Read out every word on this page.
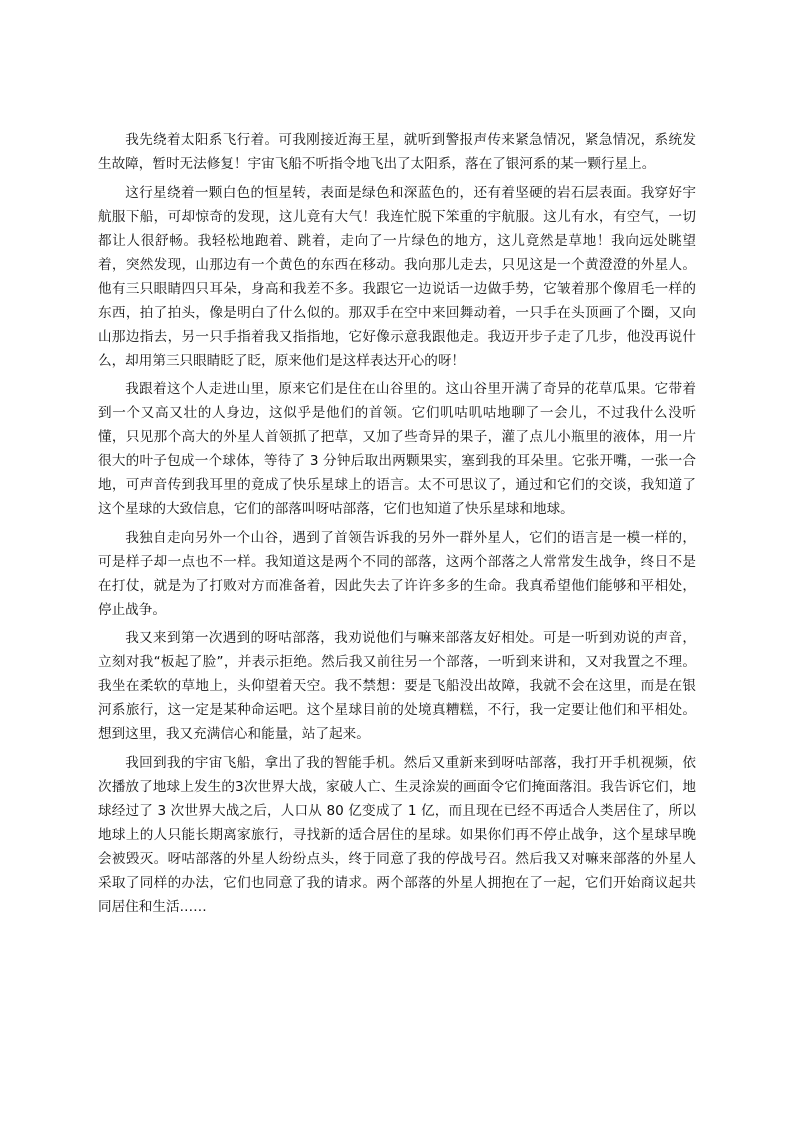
我先绕着太阳系飞行着。可我刚接近海王星，就听到警报声传来紧急情况，紧急情况，系统发生故障，暂时无法修复！宇宙飞船不听指令地飞出了太阳系，落在了银河系的某一颗行星上。

这行星绕着一颗白色的恒星转，表面是绿色和深蓝色的，还有着坚硬的岩石层表面。我穿好宇航服下船，可却惊奇的发现，这儿竟有大气！我连忙脱下笨重的宇航服。这儿有水，有空气，一切都让人很舒畅。我轻松地跑着、跳着，走向了一片绿色的地方，这儿竟然是草地！我向远处眺望着，突然发现，山那边有一个黄色的东西在移动。我向那儿走去，只见这是一个黄澄澄的外星人。他有三只眼睛四只耳朵，身高和我差不多。我跟它一边说话一边做手势，它皱着那个像眉毛一样的东西，拍了拍头，像是明白了什么似的。那双手在空中来回舞动着，一只手在头顶画了个圈，又向山那边指去，另一只手指着我又指指地，它好像示意我跟他走。我迈开步子走了几步，他没再说什么，却用第三只眼睛眨了眨，原来他们是这样表达开心的呀！

我跟着这个人走进山里，原来它们是住在山谷里的。这山谷里开满了奇异的花草瓜果。它带着到一个又高又壮的人身边，这似乎是他们的首领。它们叽咕叽咕地聊了一会儿，不过我什么没听懂，只见那个高大的外星人首领抓了把草，又加了些奇异的果子，灌了点儿小瓶里的液体，用一片很大的叶子包成一个球体，等待了 3 分钟后取出两颗果实，塞到我的耳朵里。它张开嘴，一张一合地，可声音传到我耳里的竟成了快乐星球上的语言。太不可思议了，通过和它们的交谈，我知道了这个星球的大致信息，它们的部落叫呀咕部落，它们也知道了快乐星球和地球。

我独自走向另外一个山谷，遇到了首领告诉我的另外一群外星人，它们的语言是一模一样的，可是样子却一点也不一样。我知道这是两个不同的部落，这两个部落之人常常发生战争，终日不是在打仗，就是为了打败对方而准备着，因此失去了许许多多的生命。我真希望他们能够和平相处，停止战争。

我又来到第一次遇到的呀咕部落，我劝说他们与嘛来部落友好相处。可是一听到劝说的声音，立刻对我“板起了脸”，并表示拒绝。然后我又前往另一个部落，一听到来讲和，又对我置之不理。我坐在柔软的草地上，头仰望着天空。我不禁想：要是飞船没出故障，我就不会在这里，而是在银河系旅行，这一定是某种命运吧。这个星球目前的处境真糟糕，不行，我一定要让他们和平相处。想到这里，我又充满信心和能量，站了起来。

我回到我的宇宙飞船，拿出了我的智能手机。然后又重新来到呀咕部落，我打开手机视频，依次播放了地球上发生的3次世界大战，家破人亡、生灵涂炭的画面令它们掩面落泪。我告诉它们，地球经过了 3 次世界大战之后，人口从 80 亿变成了 1 亿，而且现在已经不再适合人类居住了，所以地球上的人只能长期离家旅行，寻找新的适合居住的星球。如果你们再不停止战争，这个星球早晚会被毁灭。呀咕部落的外星人纷纷点头，终于同意了我的停战号召。然后我又对嘛来部落的外星人采取了同样的办法，它们也同意了我的请求。两个部落的外星人拥抱在了一起，它们开始商议起共同居住和生活……
